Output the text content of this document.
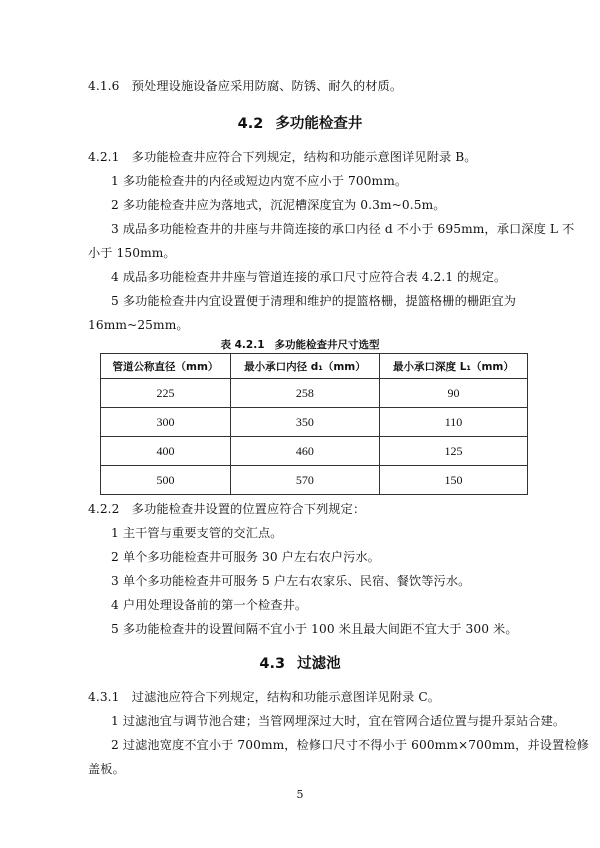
4.1.6　预处理设施设备应采用防腐、防锈、耐久的材质。
4.2 多功能检查井
4.2.1　多功能检查井应符合下列规定，结构和功能示意图详见附录 B。
1 多功能检查井的内径或短边内宽不应小于 700mm。
2 多功能检查井应为落地式，沉泥槽深度宜为 0.3m~0.5m。
3 成品多功能检查井的井座与井筒连接的承口内径 d 不小于 695mm，承口深度 L 不
小于 150mm。
4 成品多功能检查井井座与管道连接的承口尺寸应符合表 4.2.1 的规定。
5 多功能检查井内宜设置便于清理和维护的提篮格栅，提篮格栅的栅距宜为
16mm~25mm。
表 4.2.1 多功能检查井尺寸选型
管道公称直径（mm）	最小承口内径 d₁（mm）	最小承口深度 L₁（mm）
225	258	90
300	350	110
400	460	125
500	570	150
4.2.2　多功能检查井设置的位置应符合下列规定：
1 主干管与重要支管的交汇点。
2 单个多功能检查井可服务 30 户左右农户污水。
3 单个多功能检查井可服务 5 户左右农家乐、民宿、餐饮等污水。
4 户用处理设备前的第一个检查井。
5 多功能检查井的设置间隔不宜小于 100 米且最大间距不宜大于 300 米。
4.3 过滤池
4.3.1　过滤池应符合下列规定，结构和功能示意图详见附录 C。
1 过滤池宜与调节池合建；当管网埋深过大时，宜在管网合适位置与提升泵站合建。
2 过滤池宽度不宜小于 700mm，检修口尺寸不得小于 600mm×700mm，并设置检修
盖板。
5
